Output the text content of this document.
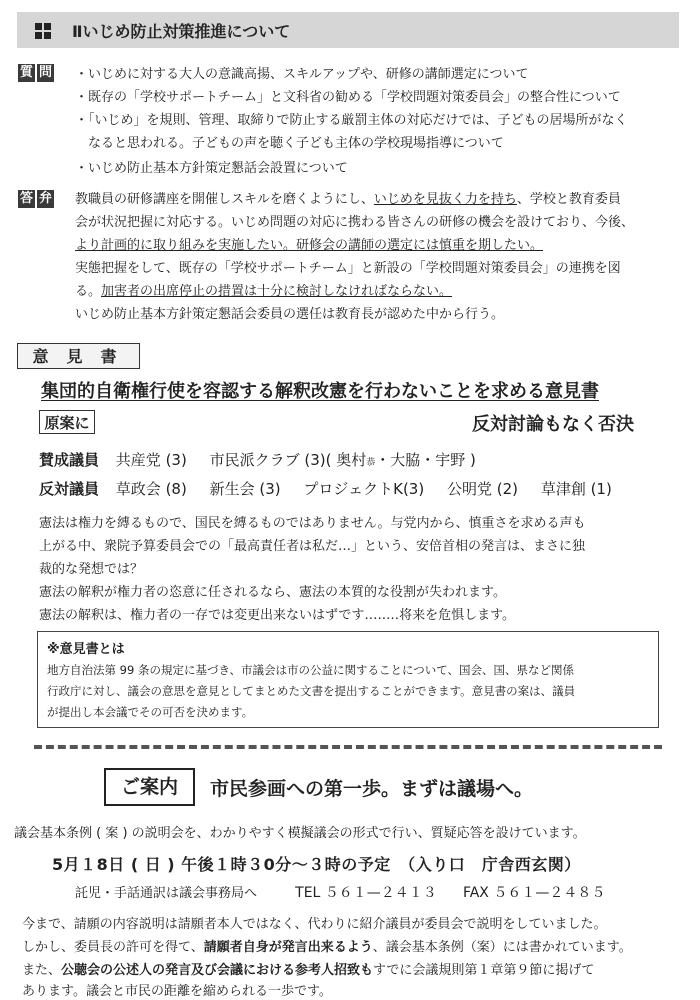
Ⅱいじめ防止対策推進について
質 問 ・いじめに対する大人の意識高揚、スキルアップや、研修の講師選定について
・既存の「学校サポートチーム」と文科省の勧める「学校問題対策委員会」の整合性について
・「いじめ」を規則、管理、取締りで防止する厳罰主体の対応だけでは、子どもの居場所がなく
なると思われる。子どもの声を聴く子ども主体の学校現場指導について
・いじめ防止基本方針策定懇話会設置について
答 弁 教職員の研修講座を開催しスキルを磨くようにし、いじめを見抜く力を持ち、学校と教育委員
会が状況把握に対応する。いじめ問題の対応に携わる皆さんの研修の機会を設けており、今後、
より計画的に取り組みを実施したい。研修会の講師の選定には慎重を期したい。
実態把握をして、既存の「学校サポートチーム」と新設の「学校問題対策委員会」の連携を図
る。加害者の出席停止の措置は十分に検討しなければならない。
いじめ防止基本方針策定懇話会委員の選任は教育長が認めた中から行う。
意見書
集団的自衛権行使を容認する解釈改憲を行わないことを求める意見書
原案に	反対討論もなく否決
賛成議員 共産党 (3) 市民派クラブ (3)( 奥村恭・大脇・宇野 )
反対議員 草政会 (8) 新生会 (3) プロジェクトK(3) 公明党 (2) 草津創 (1)
憲法は権力を縛るもので、国民を縛るものではありません。与党内から、慎重さを求める声も
上がる中、衆院予算委員会での「最高責任者は私だ…」という、安倍首相の発言は、まさに独
裁的な発想では？
憲法の解釈が権力者の恣意に任されるなら、憲法の本質的な役割が失われます。
憲法の解釈は、権力者の一存では変更出来ないはずです‥‥‥‥将来を危惧します。
※意見書とは
地方自治法第 99 条の規定に基づき、市議会は市の公益に関することについて、国会、国、県など関係
行政庁に対し、議会の意思を意見としてまとめた文書を提出することができます。意見書の案は、議員
が提出し本会議でその可否を決めます。
ご案内	市民参画への第一歩。まずは議場へ。
議会基本条例 ( 案 ) の説明会を、わかりやすく模擬議会の形式で行い、質疑応答を設けています。
5月１8日 ( 日 ) 午後１時３0分～３時の予定　（入り口　庁舎西玄関）
託児・手話通訳は議会事務局へ	TEL ５６１—２４１３ FAX ５６１—２４８５
今まで、請願の内容説明は請願者本人ではなく、代わりに紹介議員が委員会で説明をしていました。
しかし、委員長の許可を得て、請願者自身が発言出来るよう、議会基本条例（案）には書かれています。
また、公聴会の公述人の発言及び会議における参考人招致もすでに会議規則第１章第９節に掲げて
あります。議会と市民の距離を縮められる一歩です。
